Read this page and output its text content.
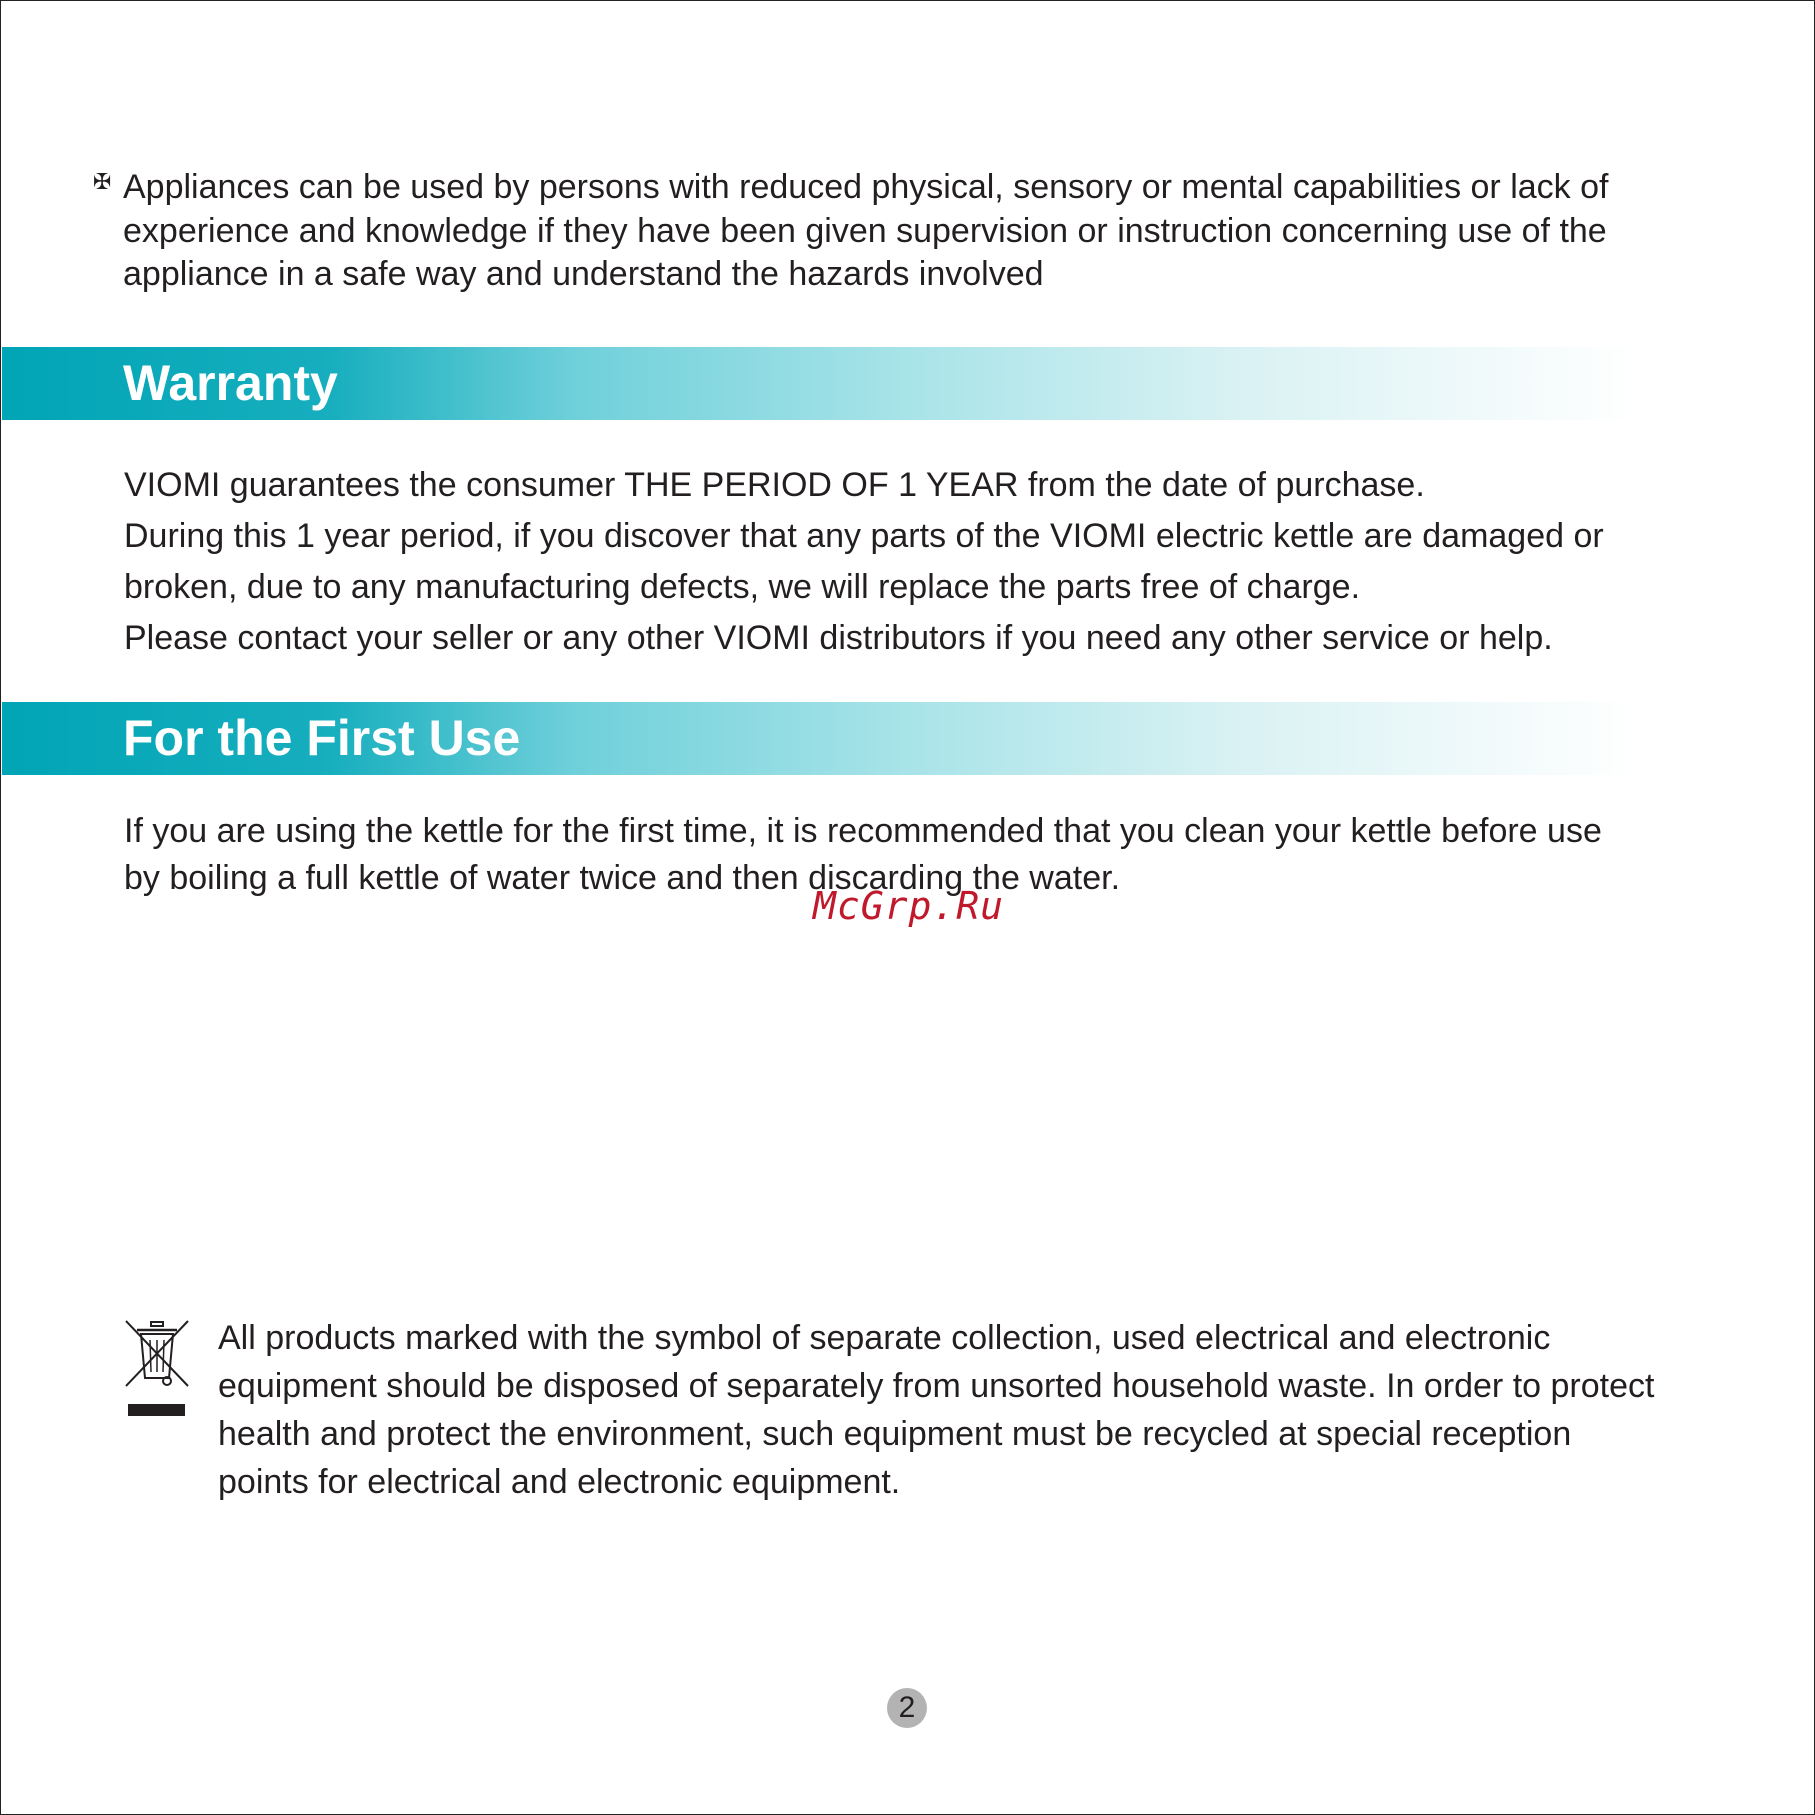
✠ Appliances can be used by persons with reduced physical, sensory or mental capabilities or lack of experience and knowledge if they have been given supervision or instruction concerning use of the appliance in a safe way and understand the hazards involved
Warranty

VIOMI guarantees the consumer THE PERIOD OF 1 YEAR from the date of purchase.

During this 1 year period, if you discover that any parts of the VIOMI electric kettle are damaged or broken, due to any manufacturing defects, we will replace the parts free of charge.

Please contact your seller or any other VIOMI distributors if you need any other service or help.

For the First Use

If you are using the kettle for the first time, it is recommended that you clean your kettle before use by boiling a full kettle of water twice and then discarding the water.

McGrp.Ru
All products marked with the symbol of separate collection, used electrical and electronic equipment should be disposed of separately from unsorted household waste. In order to protect health and protect the environment, such equipment must be recycled at special reception points for electrical and electronic equipment.
2
